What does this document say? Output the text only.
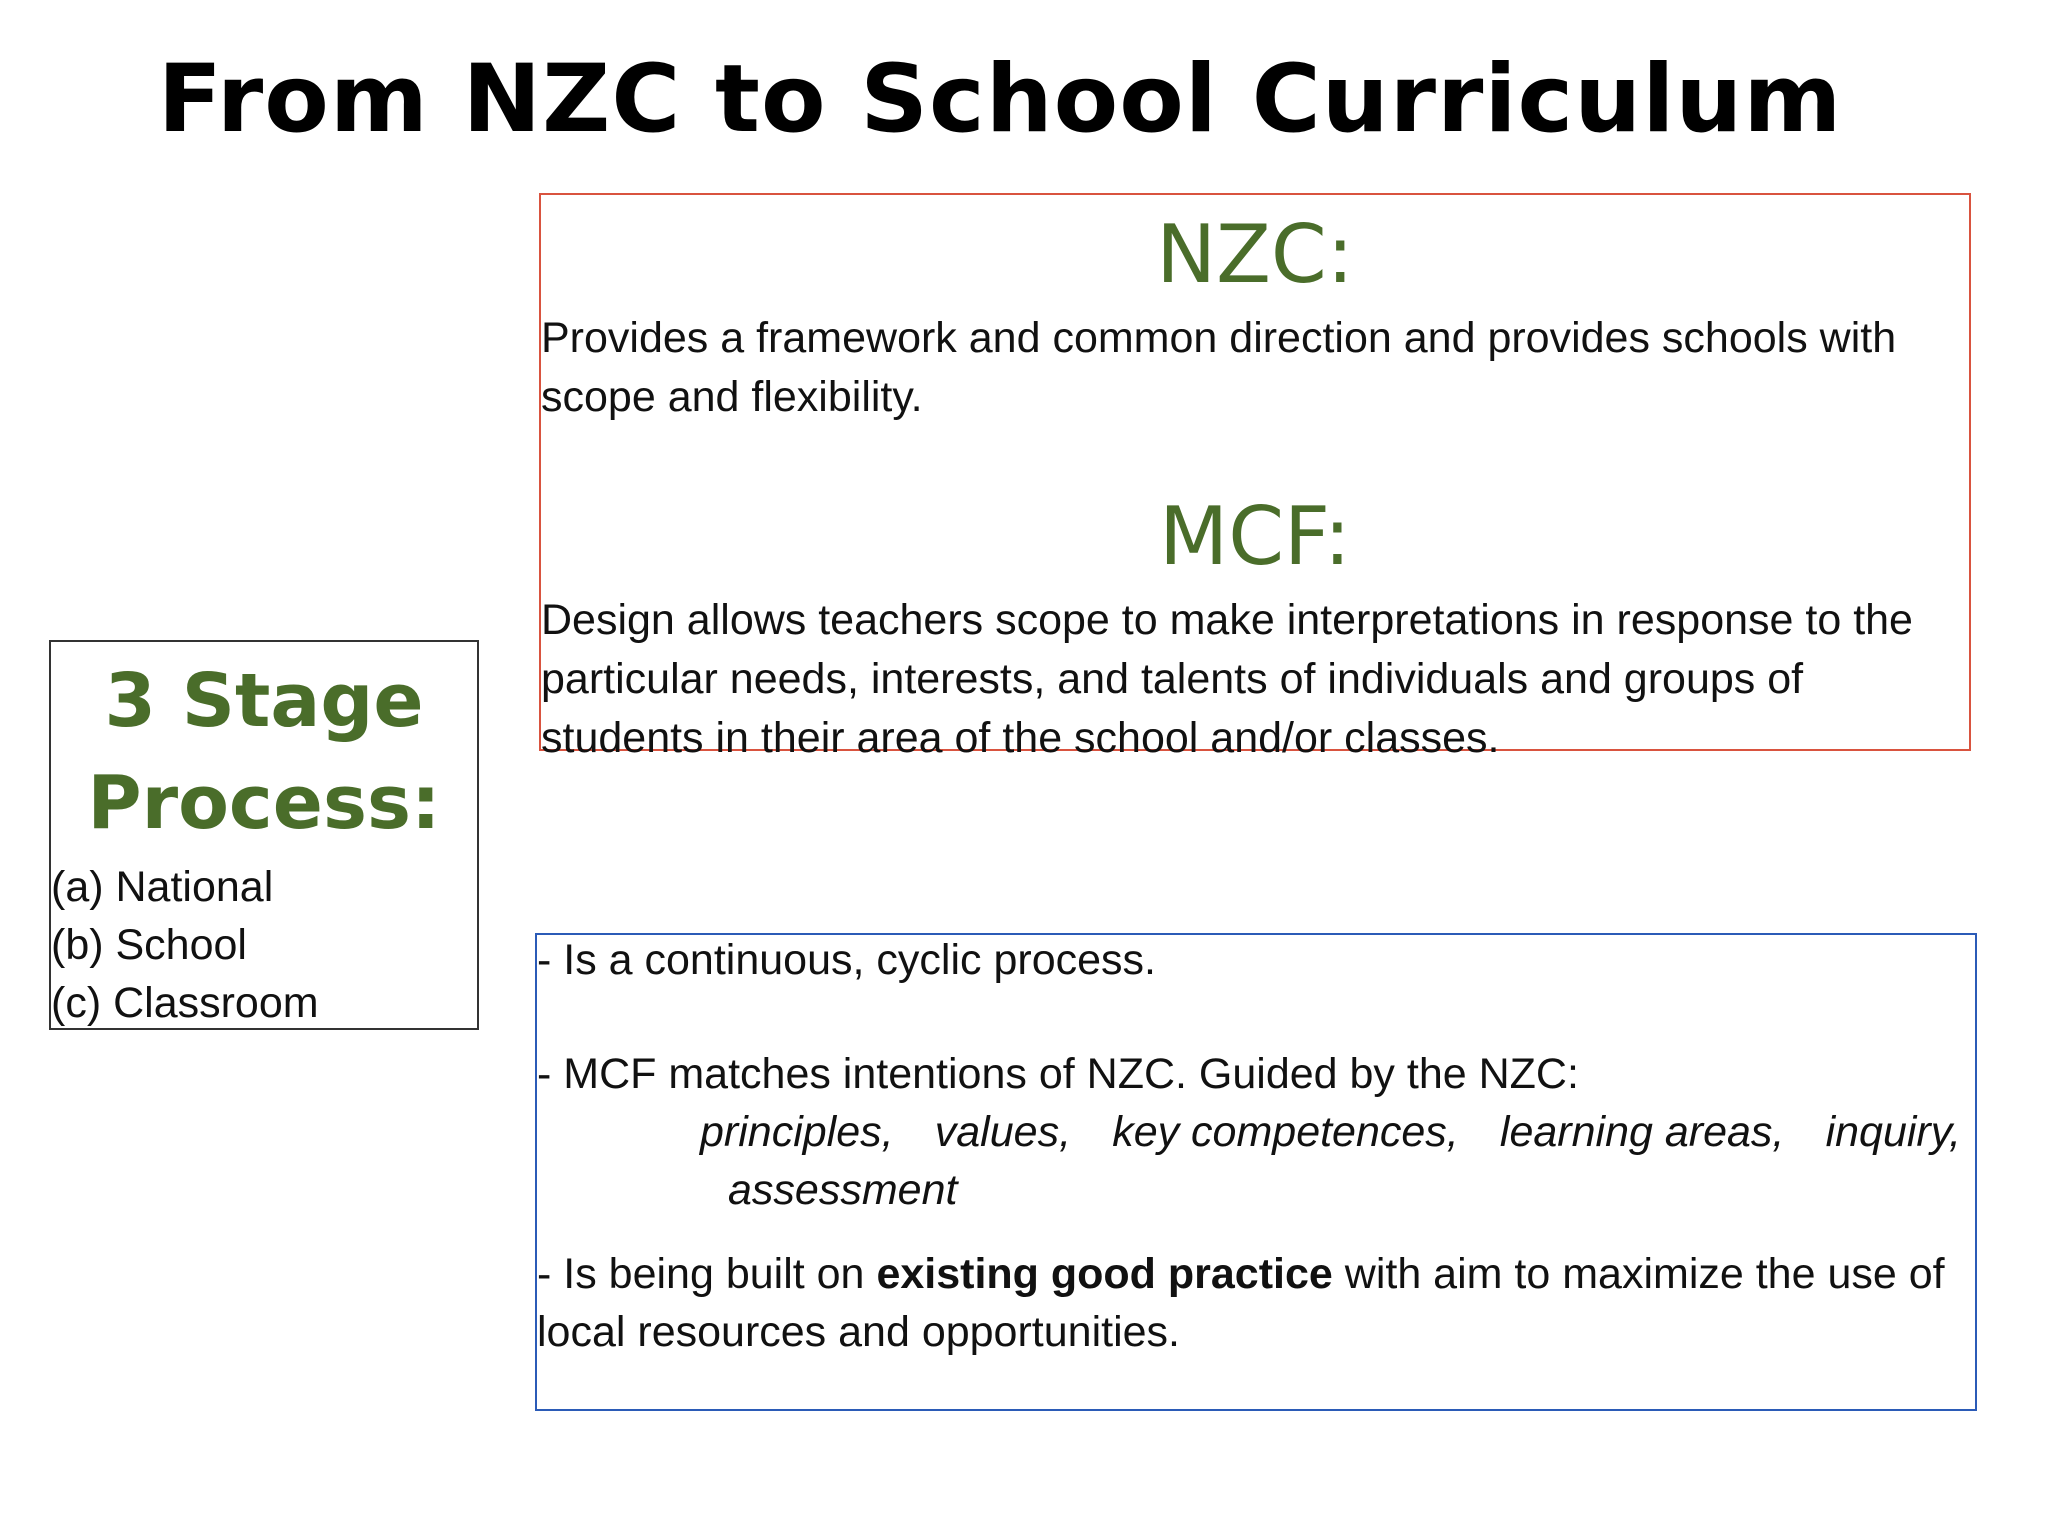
From NZC to School Curriculum
NZC:

Provides a framework and common direction and provides schools with scope and flexibility.

MCF:

Design allows teachers scope to make interpretations in response to the particular needs, interests, and talents of individuals and groups of students in their area of the school and/or classes.

3 Stage
Process:
(a) National
(b) School
(c) Classroom

- Is a continuous, cyclic process.

- MCF matches intentions of NZC. Guided by the NZC:

principles, values, key competences, learning areas, inquiry,
assessment

- Is being built on existing good practice with aim to maximize the use of local resources and opportunities.
